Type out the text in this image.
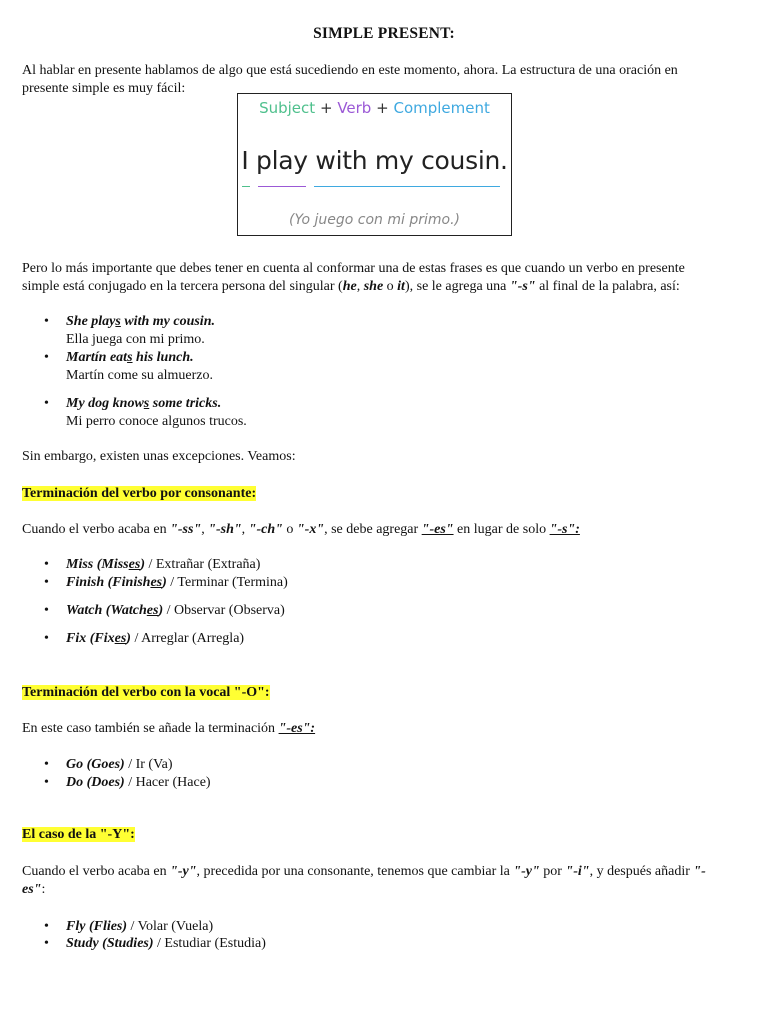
SIMPLE PRESENT:
Al hablar en presente hablamos de algo que está sucediendo en este momento, ahora. La estructura de una oración en
presente simple es muy fácil:
Subject + Verb + Complement
I play with my cousin.
(Yo juego con mi primo.)
Pero lo más importante que debes tener en cuenta al conformar una de estas frases es que cuando un verbo en presente
simple está conjugado en la tercera persona del singular (he, she o it), se le agrega una "-s" al final de la palabra, así:
• She plays with my cousin.
Ella juega con mi primo.
• Martín eats his lunch.
Martín come su almuerzo.
• My dog knows some tricks.
Mi perro conoce algunos trucos.
Sin embargo, existen unas excepciones. Veamos:
Terminación del verbo por consonante:
Cuando el verbo acaba en "-ss", "-sh", "-ch" o "-x", se debe agregar "-es" en lugar de solo "-s":
• Miss (Misses) / Extrañar (Extraña)
• Finish (Finishes) / Terminar (Termina)
• Watch (Watches) / Observar (Observa)
• Fix (Fixes) / Arreglar (Arregla)
Terminación del verbo con la vocal "-O":
En este caso también se añade la terminación "-es":
• Go (Goes) / Ir (Va)
• Do (Does) / Hacer (Hace)
El caso de la "-Y":
Cuando el verbo acaba en "-y", precedida por una consonante, tenemos que cambiar la "-y" por "-i", y después añadir "-
es":
• Fly (Flies) / Volar (Vuela)
• Study (Studies) / Estudiar (Estudia)
